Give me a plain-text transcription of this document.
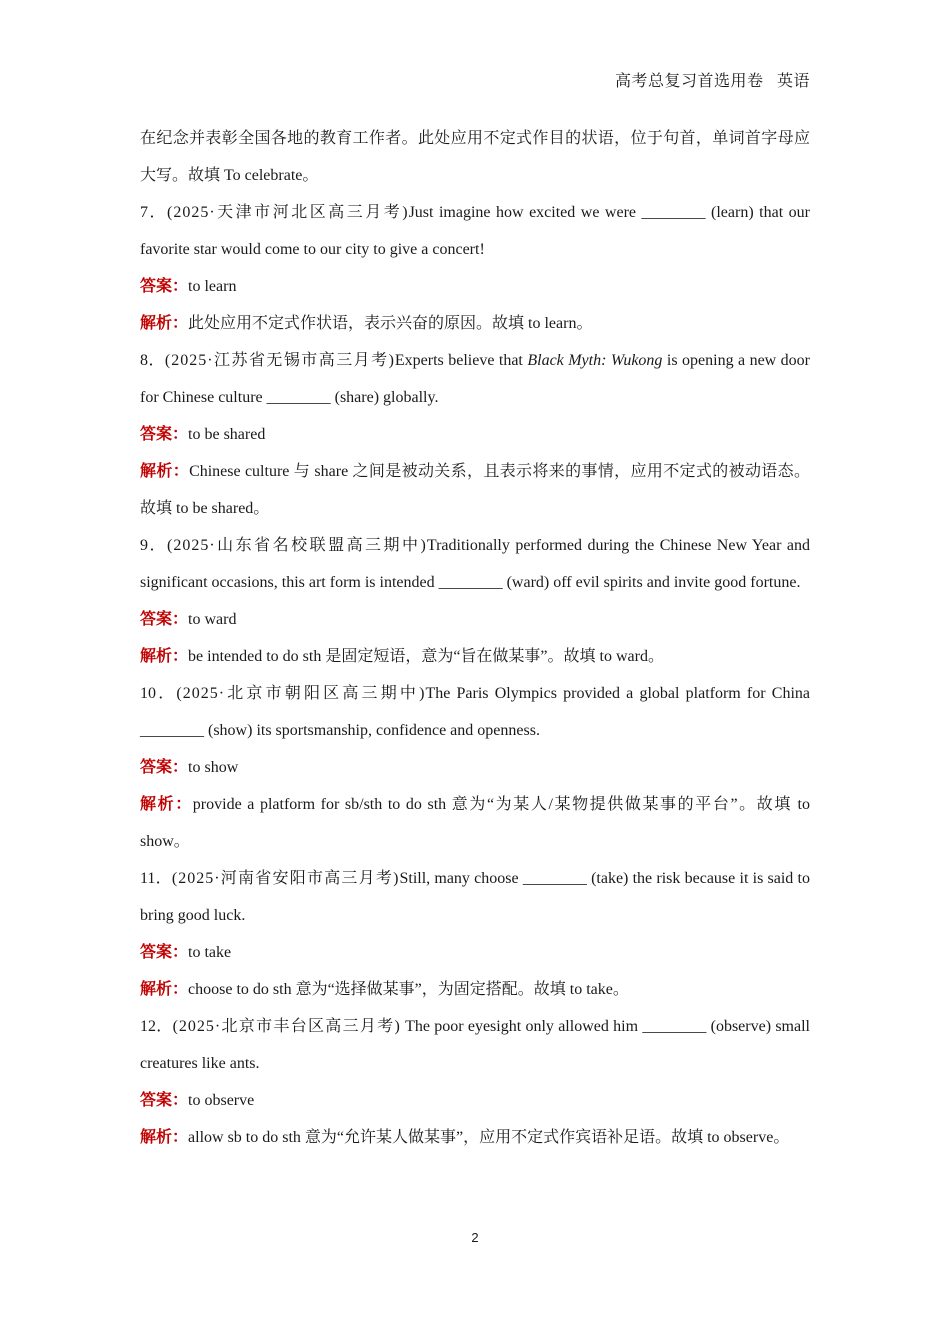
高考总复习首选用卷 英语

在纪念并表彰全国各地的教育工作者。此处应用不定式作目的状语，位于句首，单词首字母应大写。故填 To celebrate。

7．(2025·天津市河北区高三月考)Just imagine how excited we were ________ (learn) that our favorite star would come to our city to give a concert!

答案：to learn

解析：此处应用不定式作状语，表示兴奋的原因。故填 to learn。

8．(2025·江苏省无锡市高三月考)Experts believe that Black Myth: Wukong is opening a new door for Chinese culture ________ (share) globally.

答案：to be shared

解析：Chinese culture 与 share 之间是被动关系，且表示将来的事情，应用不定式的被动语态。故填 to be shared。

9．(2025·山东省名校联盟高三期中)Traditionally performed during the Chinese New Year and significant occasions, this art form is intended ________ (ward) off evil spirits and invite good fortune.

答案：to ward

解析：be intended to do sth 是固定短语，意为“旨在做某事”。故填 to ward。

10．(2025·北京市朝阳区高三期中)The Paris Olympics provided a global platform for China ________ (show) its sportsmanship, confidence and openness.

答案：to show

解析：provide a platform for sb/sth to do sth 意为“为某人/某物提供做某事的平台”。故填 to show。

11．(2025·河南省安阳市高三月考)Still, many choose ________ (take) the risk because it is said to bring good luck.

答案：to take

解析：choose to do sth 意为“选择做某事”，为固定搭配。故填 to take。

12．(2025·北京市丰台区高三月考) The poor eyesight only allowed him ________ (observe) small creatures like ants.

答案：to observe

解析：allow sb to do sth 意为“允许某人做某事”，应用不定式作宾语补足语。故填 to observe。

2
